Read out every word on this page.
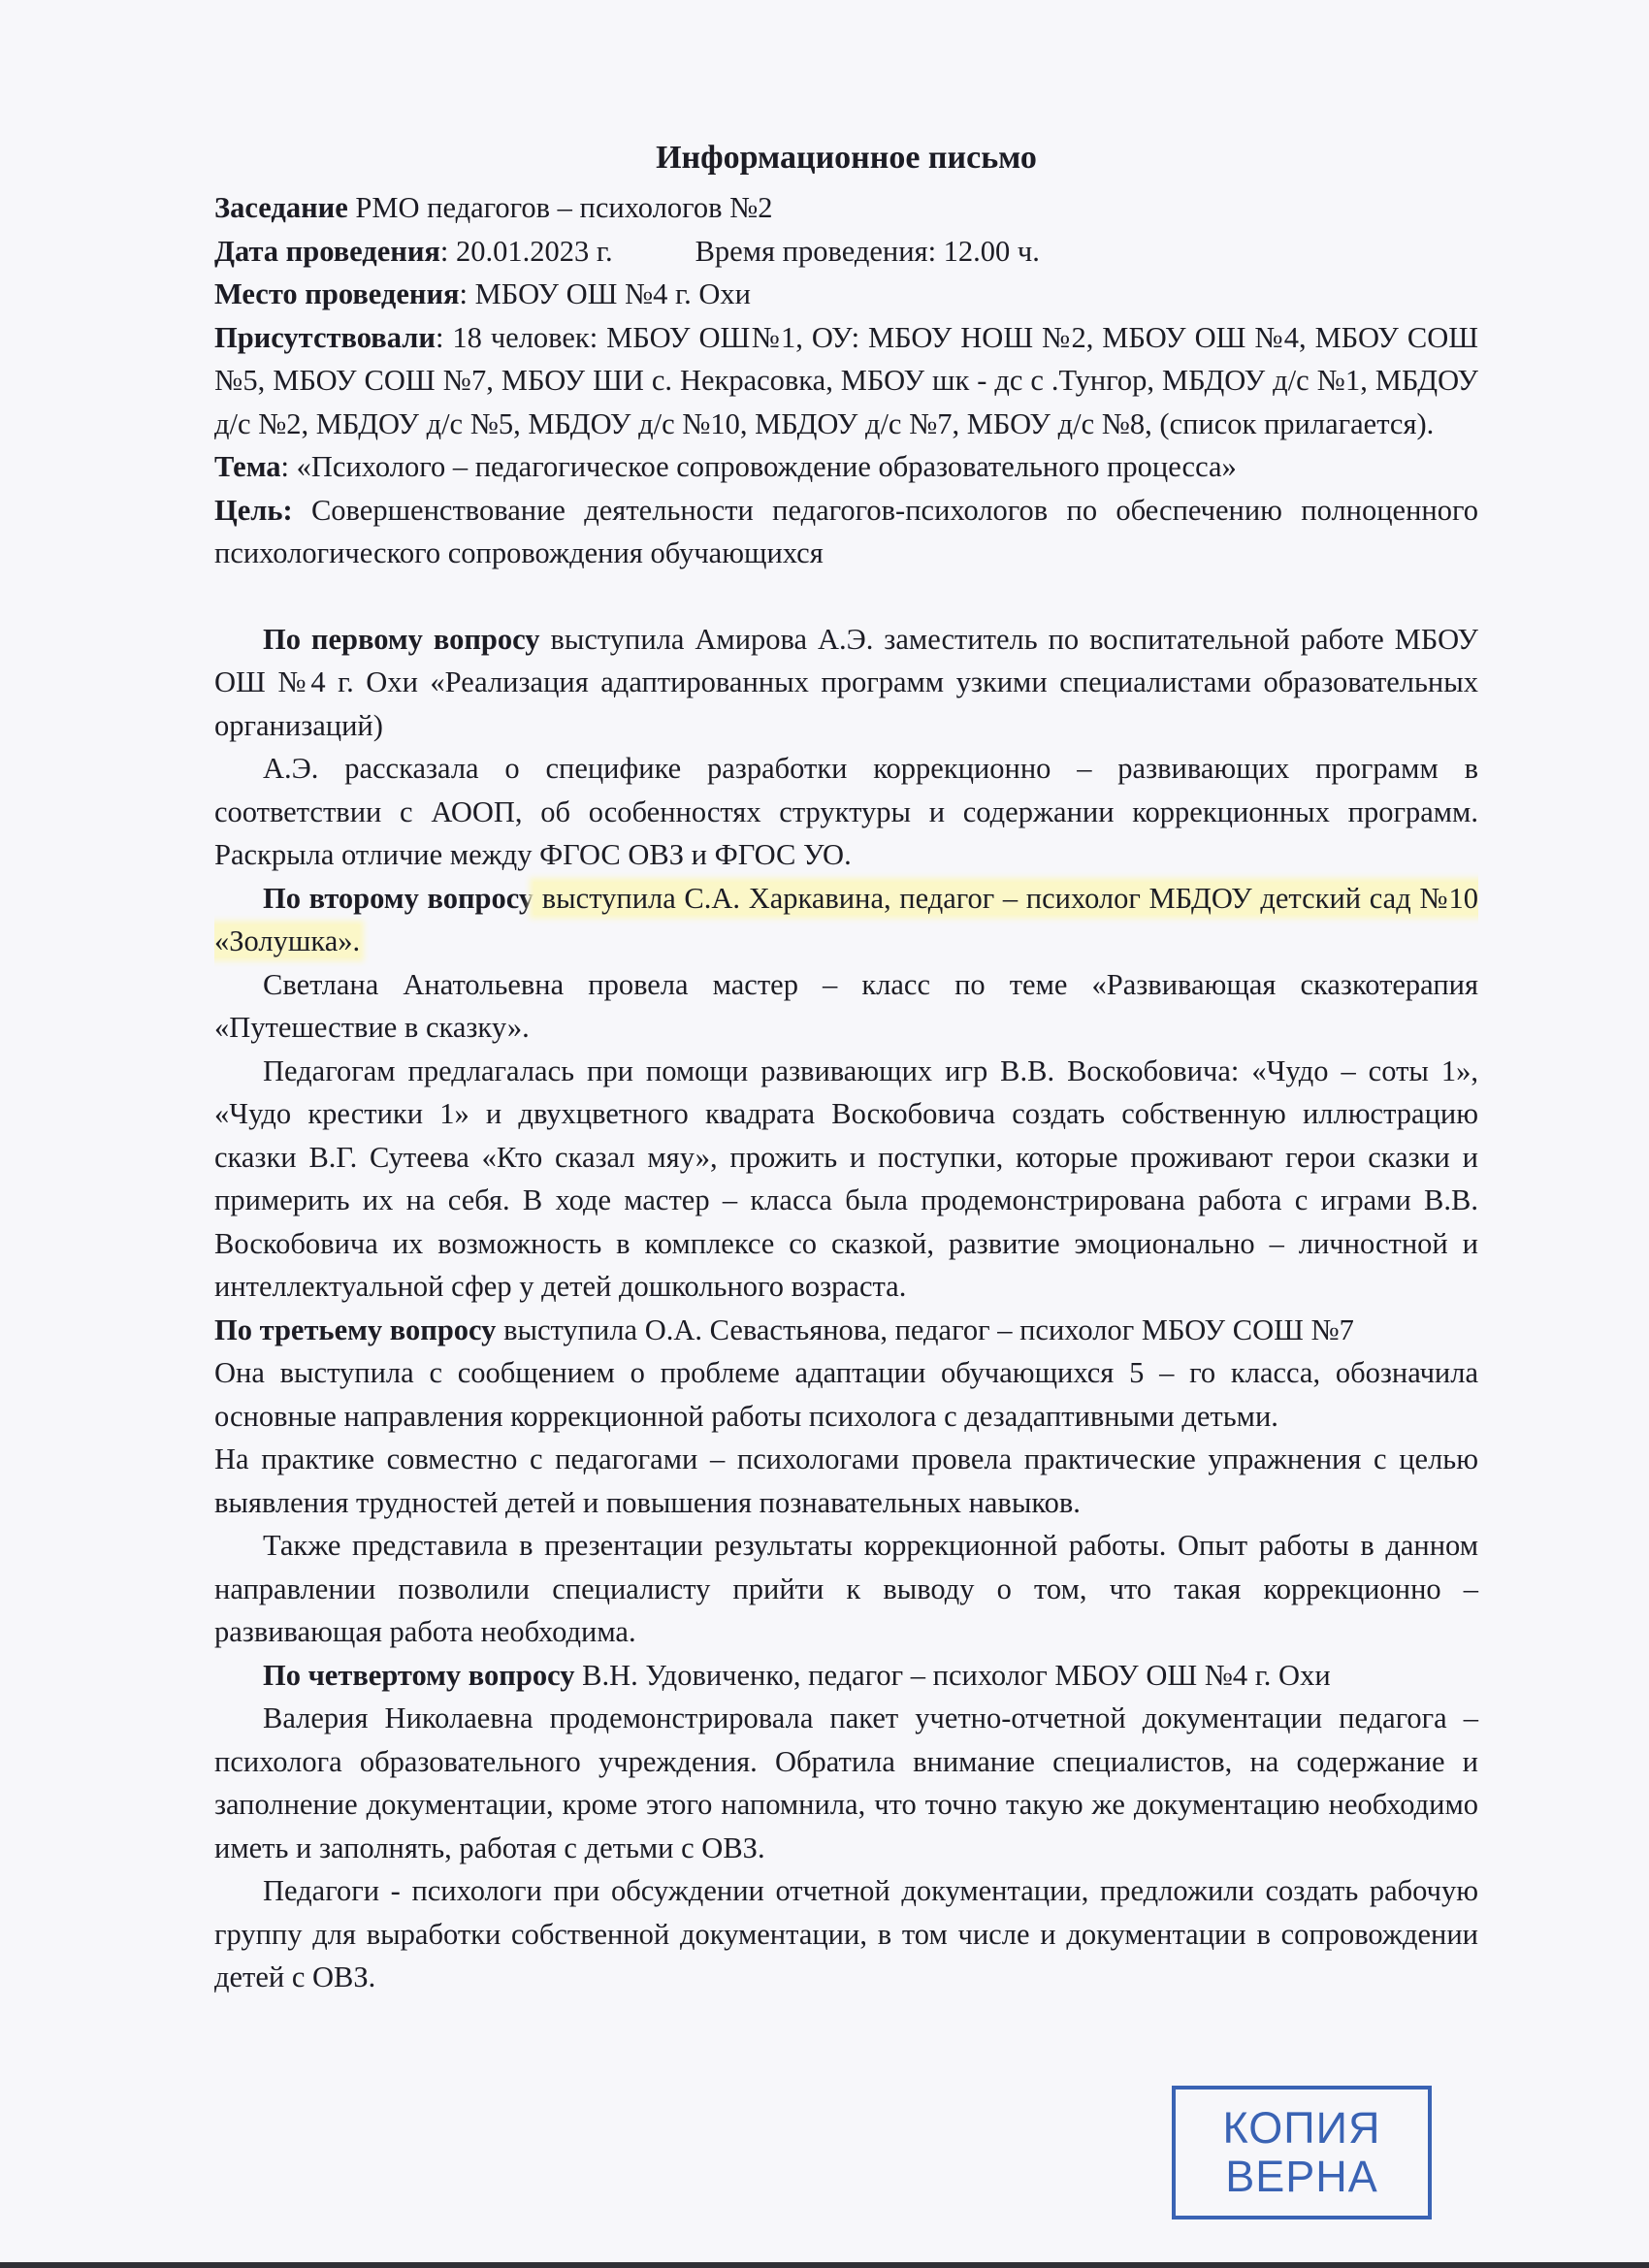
Информационное письмо

Заседание РМО педагогов – психологов №2

Дата проведения: 20.01.2023 г.	Время проведения: 12.00 ч.

Место проведения: МБОУ ОШ №4 г. Охи

Присутствовали: 18 человек: МБОУ ОШ№1, ОУ: МБОУ НОШ №2, МБОУ ОШ №4, МБОУ СОШ №5, МБОУ СОШ №7, МБОУ ШИ с. Некрасовка, МБОУ шк - дс с .Тунгор, МБДОУ д/с №1, МБДОУ д/с №2, МБДОУ д/с №5, МБДОУ д/с №10, МБДОУ д/с №7, МБОУ д/с №8, (список прилагается).

Тема: «Психолого – педагогическое сопровождение образовательного процесса»

Цель: Совершенствование деятельности педагогов-психологов по обеспечению полноценного психологического сопровождения обучающихся

По первому вопросу выступила Амирова А.Э. заместитель по воспитательной работе МБОУ ОШ №4 г. Охи «Реализация адаптированных программ узкими специалистами образовательных организаций)

А.Э. рассказала о специфике разработки коррекционно – развивающих программ в соответствии с АООП, об особенностях структуры и содержании коррекционных программ. Раскрыла отличие между ФГОС ОВЗ и ФГОС УО.

По второму вопросу выступила С.А. Харкавина, педагог – психолог МБДОУ детский сад №10 «Золушка».

Светлана Анатольевна провела мастер – класс по теме «Развивающая сказкотерапия «Путешествие в сказку».

Педагогам предлагалась при помощи развивающих игр В.В. Воскобовича: «Чудо – соты 1», «Чудо крестики 1» и двухцветного квадрата Воскобовича создать собственную иллюстрацию сказки В.Г. Сутеева «Кто сказал мяу», прожить и поступки, которые проживают герои сказки и примерить их на себя. В ходе мастер – класса была продемонстрирована работа с играми В.В. Воскобовича их возможность в комплексе со сказкой, развитие эмоционально – личностной и интеллектуальной сфер у детей дошкольного возраста.

По третьему вопросу выступила О.А. Севастьянова, педагог – психолог МБОУ СОШ №7

Она выступила с сообщением о проблеме адаптации обучающихся 5 – го класса, обозначила основные направления коррекционной работы психолога с дезадаптивными детьми.

На практике совместно с педагогами – психологами провела практические упражнения с целью выявления трудностей детей и повышения познавательных навыков.

Также представила в презентации результаты коррекционной работы. Опыт работы в данном направлении позволили специалисту прийти к выводу о том, что такая коррекционно – развивающая работа необходима.

По четвертому вопросу В.Н. Удовиченко, педагог – психолог МБОУ ОШ №4 г. Охи

Валерия Николаевна продемонстрировала пакет учетно-отчетной документации педагога – психолога образовательного учреждения. Обратила внимание специалистов, на содержание и заполнение документации, кроме этого напомнила, что точно такую же документацию необходимо иметь и заполнять, работая с детьми с ОВЗ.

Педагоги - психологи при обсуждении отчетной документации, предложили создать рабочую группу для выработки собственной документации, в том числе и документации в сопровождении детей с ОВЗ.

КОПИЯ
ВЕРНА
